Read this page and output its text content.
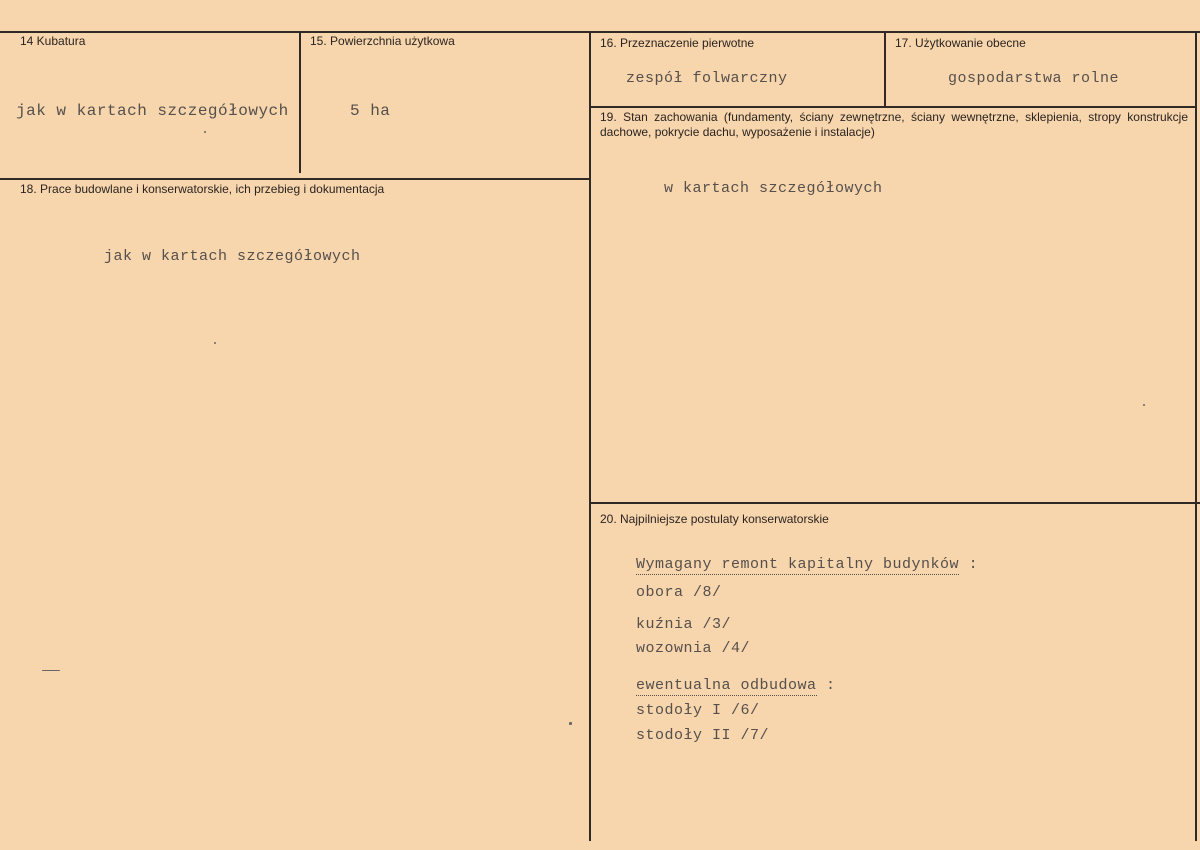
14 Kubatura
jak w kartach szczegółowych
15. Powierzchnia użytkowa
5 ha
16. Przeznaczenie pierwotne
zespół folwarczny
17. Użytkowanie obecne
gospodarstwa rolne
19. Stan zachowania (fundamenty, ściany zewnętrzne, ściany wewnętrzne, sklepienia, stropy konstrukcje dachowe, pokrycie dachu, wyposażenie i instalacje)
w kartach szczegółowych
18. Prace budowlane i konserwatorskie, ich przebieg i dokumentacja
jak w kartach szczegółowych
20. Najpilniejsze postulaty konserwatorskie
Wymagany remont kapitalny budynków :
obora /8/
kuźnia /3/
wozownia /4/
ewentualna odbudowa :
stodoły I /6/
stodoły II /7/
